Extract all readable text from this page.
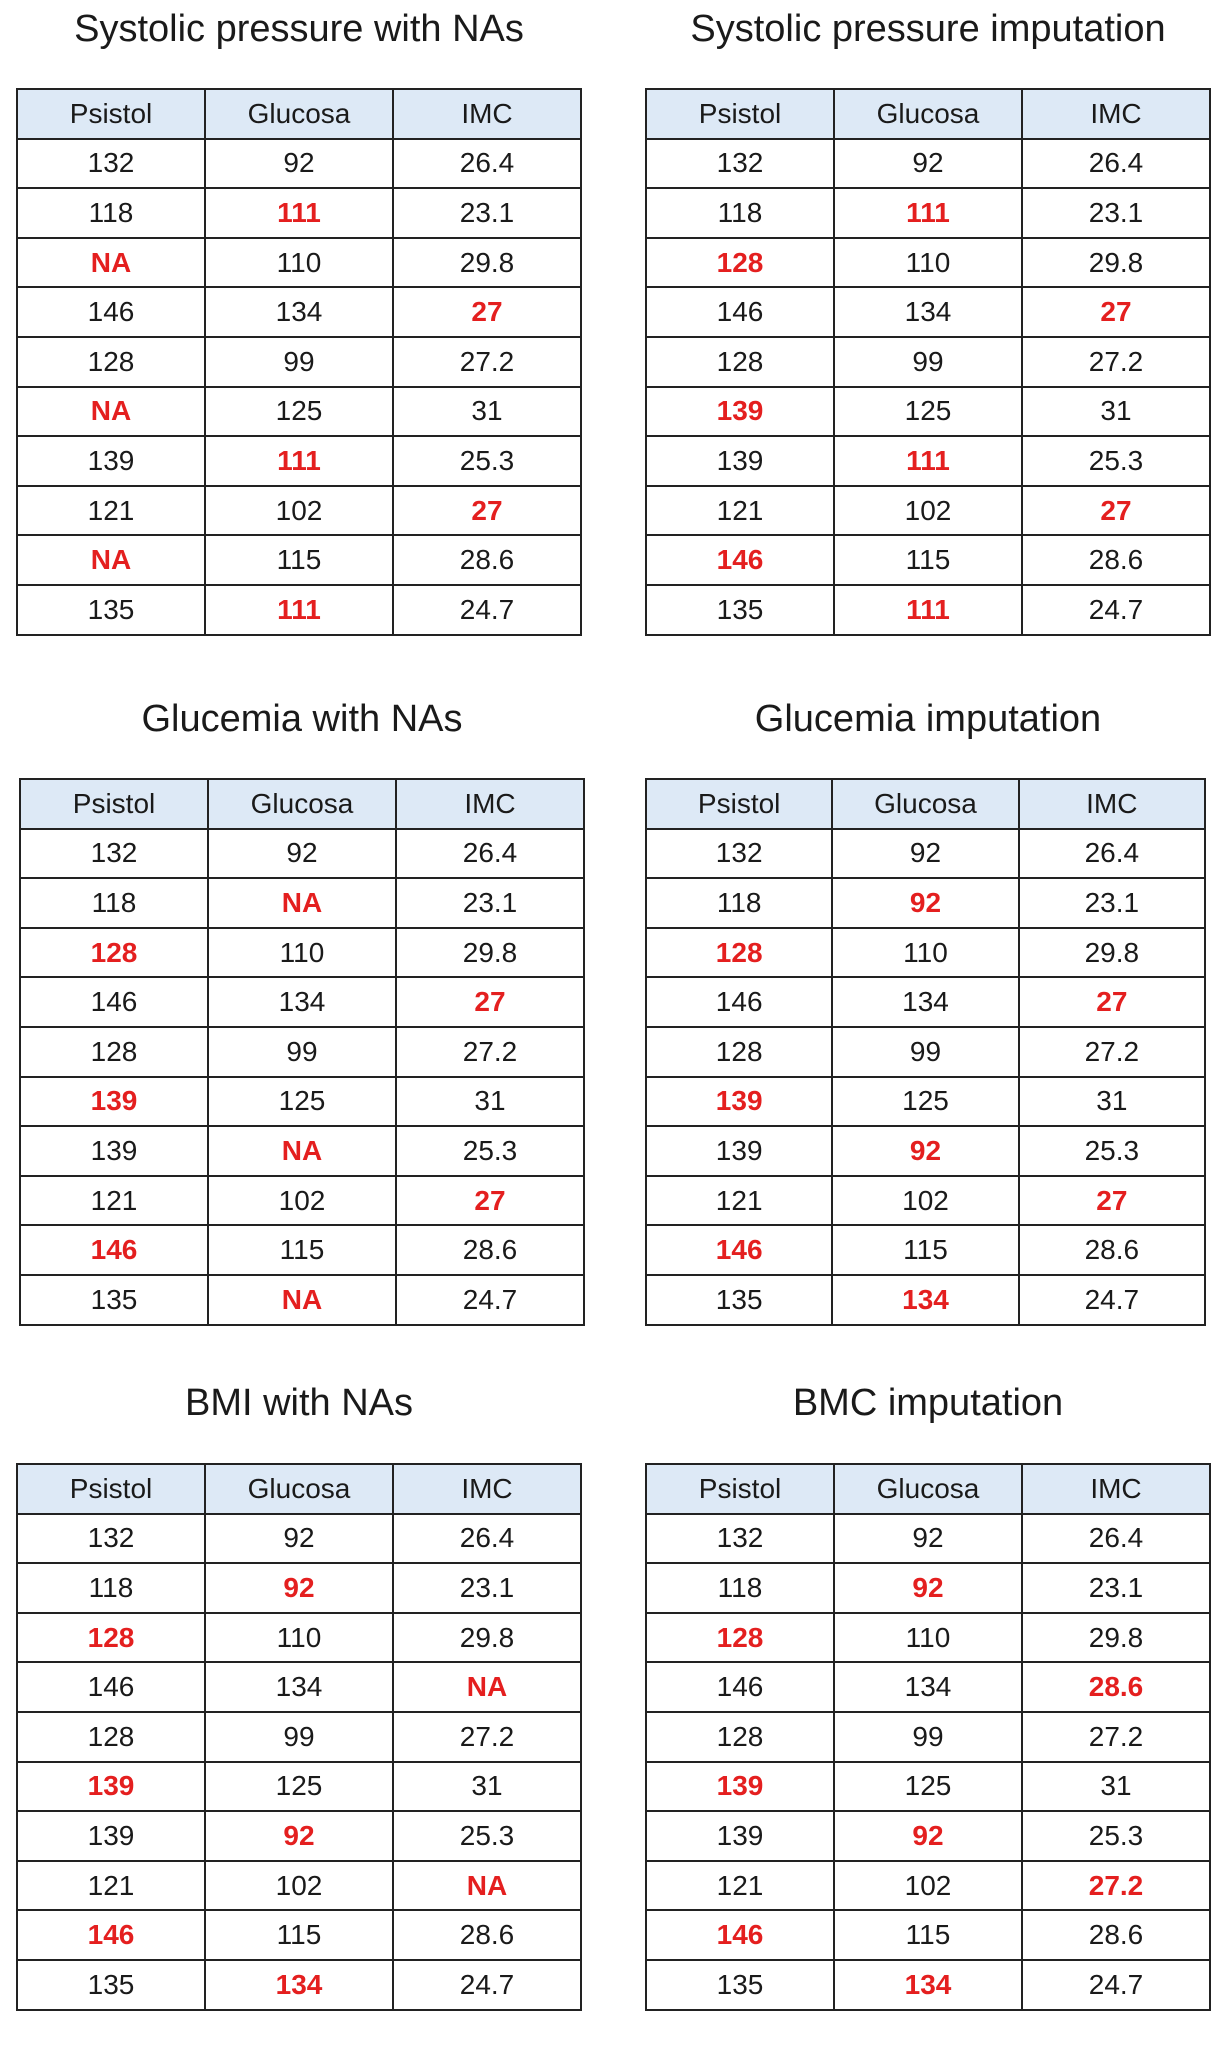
Systolic pressure with NAs
Psistol	Glucosa	IMC
132	92	26.4
118	111	23.1
NA	110	29.8
146	134	27
128	99	27.2
NA	125	31
139	111	25.3
121	102	27
NA	115	28.6
135	111	24.7
Systolic pressure imputation
Psistol	Glucosa	IMC
132	92	26.4
118	111	23.1
128	110	29.8
146	134	27
128	99	27.2
139	125	31
139	111	25.3
121	102	27
146	115	28.6
135	111	24.7
Glucemia with NAs
Psistol	Glucosa	IMC
132	92	26.4
118	NA	23.1
128	110	29.8
146	134	27
128	99	27.2
139	125	31
139	NA	25.3
121	102	27
146	115	28.6
135	NA	24.7
Glucemia imputation
Psistol	Glucosa	IMC
132	92	26.4
118	92	23.1
128	110	29.8
146	134	27
128	99	27.2
139	125	31
139	92	25.3
121	102	27
146	115	28.6
135	134	24.7
BMI with NAs
Psistol	Glucosa	IMC
132	92	26.4
118	92	23.1
128	110	29.8
146	134	NA
128	99	27.2
139	125	31
139	92	25.3
121	102	NA
146	115	28.6
135	134	24.7
BMC imputation
Psistol	Glucosa	IMC
132	92	26.4
118	92	23.1
128	110	29.8
146	134	28.6
128	99	27.2
139	125	31
139	92	25.3
121	102	27.2
146	115	28.6
135	134	24.7
